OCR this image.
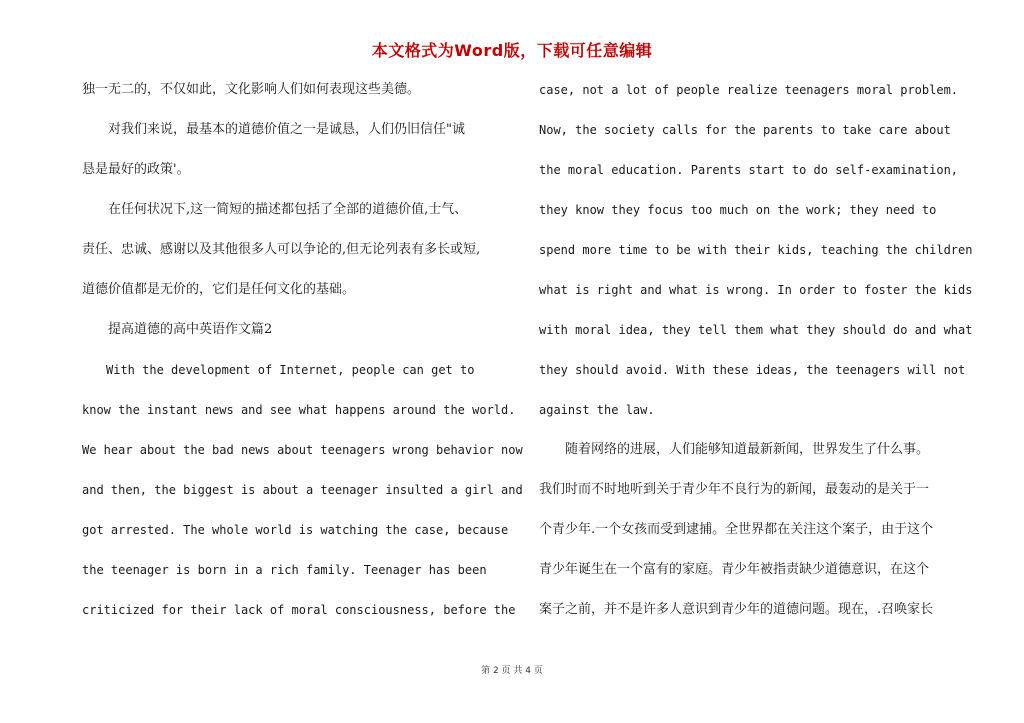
本文格式为Word版，下载可任意编辑
独一无二的，不仅如此，文化影响人们如何表现这些美德。
　　对我们来说，最基本的道德价值之一是诚恳，人们仍旧信任"诚
恳是最好的政策'。
　　在任何状况下,这一简短的描述都包括了全部的道德价值,士气、
责任、忠诚、感谢以及其他很多人可以争论的,但无论列表有多长或短,
道德价值都是无价的，它们是任何文化的基础。
　　提高道德的高中英语作文篇2
　　With the development of Internet, people can get to
know the instant news and see what happens around the world.
We hear about the bad news about teenagers wrong behavior now
and then, the biggest is about a teenager insulted a girl and
got arrested. The whole world is watching the case, because
the teenager is born in a rich family. Teenager has been
criticized for their lack of moral consciousness, before the
case, not a lot of people realize teenagers moral problem.
Now, the society calls for the parents to take care about
the moral education. Parents start to do self-examination,
they know they focus too much on the work; they need to
spend more time to be with their kids, teaching the children
what is right and what is wrong. In order to foster the kids
with moral idea, they tell them what they should do and what
they should avoid. With these ideas, the teenagers will not
against the law.
　　随着网络的进展，人们能够知道最新新闻，世界发生了什么事。
我们时而不时地听到关于青少年不良行为的新闻，最轰动的是关于一
个青少年.一个女孩而受到逮捕。全世界都在关注这个案子，由于这个
青少年诞生在一个富有的家庭。青少年被指责缺少道德意识，在这个
案子之前，并不是许多人意识到青少年的道德问题。现在，.召唤家长
第 2 页 共 4 页
